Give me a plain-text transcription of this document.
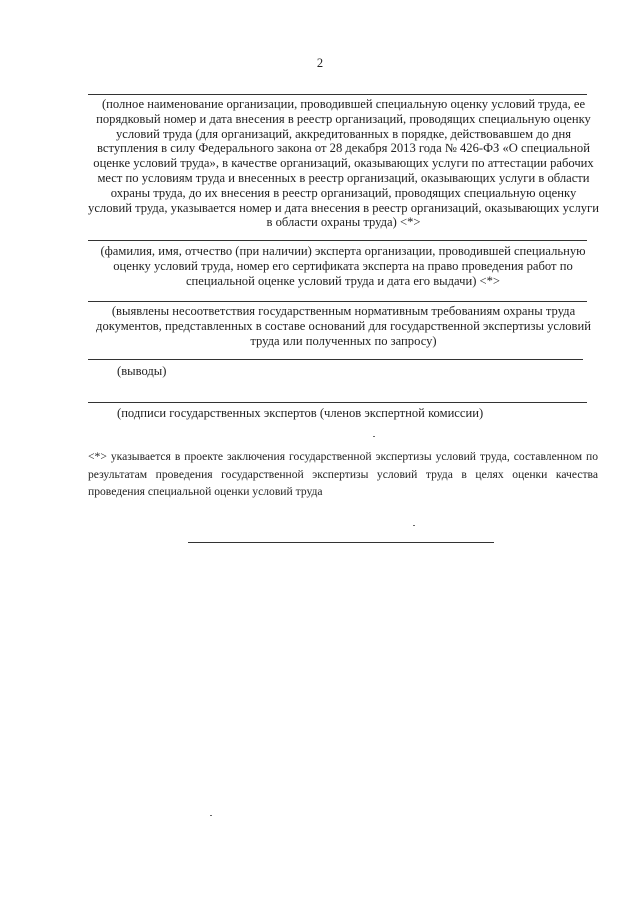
2
(полное наименование организации, проводившей специальную оценку условий труда, ее порядковый номер и дата внесения в реестр организаций, проводящих специальную оценку условий труда (для организаций, аккредитованных в порядке, действовавшем до дня вступления в силу Федерального закона от 28 декабря 2013 года № 426-ФЗ «О специальной оценке условий труда», в качестве организаций, оказывающих услуги по аттестации рабочих мест по условиям труда и внесенных в реестр организаций, оказывающих услуги в области охраны труда, до их внесения в реестр организаций, проводящих специальную оценку условий труда, указывается номер и дата внесения в реестр организаций, оказывающих услуги в области охраны труда) <*>
(фамилия, имя, отчество (при наличии) эксперта организации, проводившей специальную оценку условий труда, номер его сертификата эксперта на право проведения работ по специальной оценке условий труда и дата его выдачи) <*>
(выявлены несоответствия государственным нормативным требованиям охраны труда документов, представленных в составе оснований для государственной экспертизы условий труда или полученных по запросу)
(выводы)
(подписи государственных экспертов (членов экспертной комиссии)
<*> указывается в проекте заключения государственной экспертизы условий труда, составленном по результатам проведения государственной экспертизы условий труда в целях оценки качества проведения специальной оценки условий труда
